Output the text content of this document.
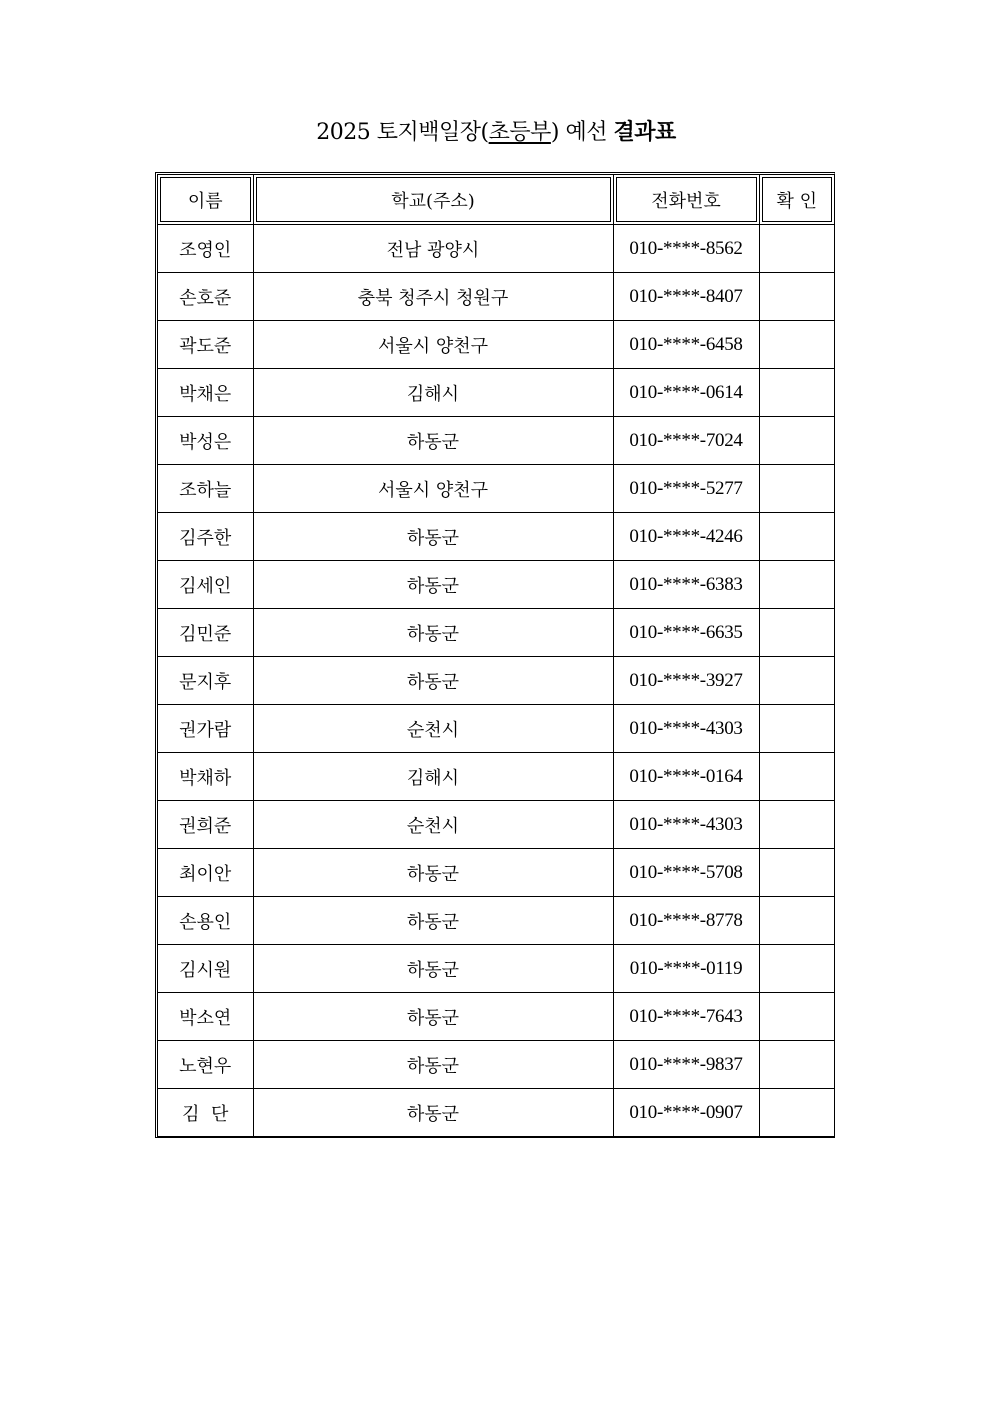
2025 토지백일장(초등부) 예선 결과표
이름	학교(주소)	전화번호	확 인

조영인	전남 광양시	010-****-8562	
손호준	충북 청주시 청원구	010-****-8407	
곽도준	서울시 양천구	010-****-6458	
박채은	김해시	010-****-0614	
박성은	하동군	010-****-7024	
조하늘	서울시 양천구	010-****-5277	
김주한	하동군	010-****-4246	
김세인	하동군	010-****-6383	
김민준	하동군	010-****-6635	
문지후	하동군	010-****-3927	
권가람	순천시	010-****-4303	
박채하	김해시	010-****-0164	
권희준	순천시	010-****-4303	
최이안	하동군	010-****-5708	
손용인	하동군	010-****-8778	
김시원	하동군	010-****-0119	
박소연	하동군	010-****-7643	
노현우	하동군	010-****-9837	
김  단	하동군	010-****-0907	
